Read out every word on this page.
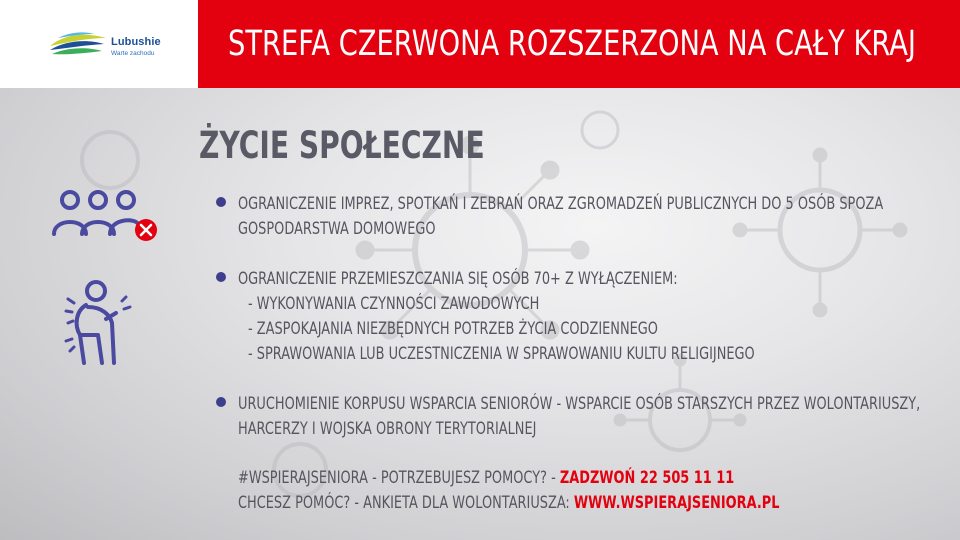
Lubushie
Warte zachodu STREFA CZERWONA ROZSZERZONA NA CAŁY KRAJ
ŻYCIE SPOŁECZNE
OGRANICZENIE IMPREZ, SPOTKAŃ I ZEBRAŃ ORAZ ZGROMADZEŃ PUBLICZNYCH DO 5 OSÓB SPOZA
GOSPODARSTWA DOMOWEGO
OGRANICZENIE PRZEMIESZCZANIA SIĘ OSÓB 70+ Z WYŁĄCZENIEM:
- WYKONYWANIA CZYNNOŚCI ZAWODOWYCH
- ZASPOKAJANIA NIEZBĘDNYCH POTRZEB ŻYCIA CODZIENNEGO
- SPRAWOWANIA LUB UCZESTNICZENIA W SPRAWOWANIU KULTU RELIGIJNEGO
URUCHOMIENIE KORPUSU WSPARCIA SENIORÓW - WSPARCIE OSÓB STARSZYCH PRZEZ WOLONTARIUSZY,
HARCERZY I WOJSKA OBRONY TERYTORIALNEJ
#WSPIERAJSENIORA - POTRZEBUJESZ POMOCY? - ZADZWOŃ 22 505 11 11
CHCESZ POMÓC? - ANKIETA DLA WOLONTARIUSZA: WWW.WSPIERAJSENIORA.PL
